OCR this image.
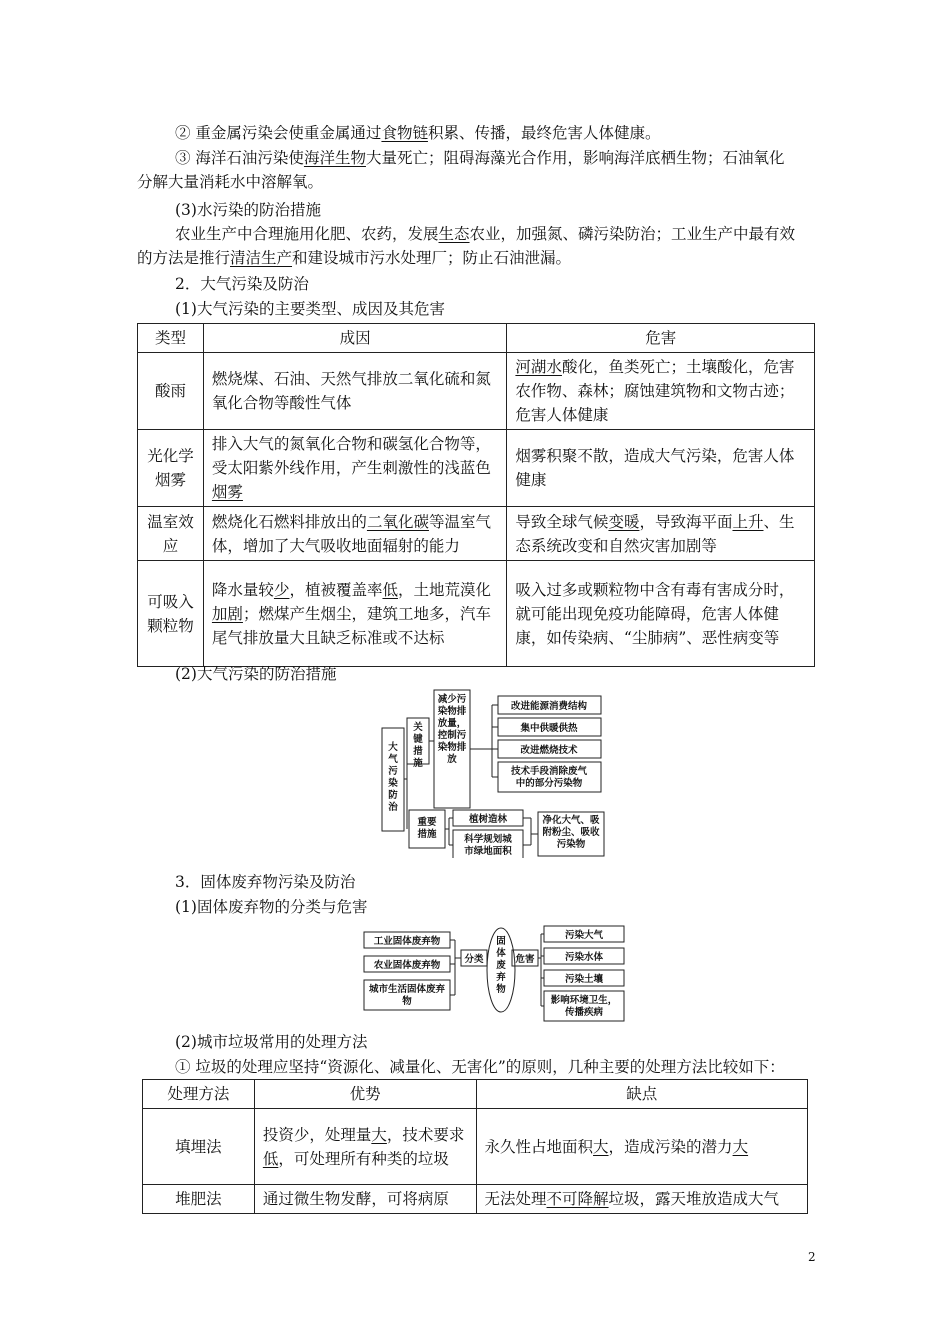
② 重金属污染会使重金属通过食物链积累、传播，最终危害人体健康。
③ 海洋石油污染使海洋生物大量死亡；阻碍海藻光合作用，影响海洋底栖生物；石油氧化
分解大量消耗水中溶解氧。
(3)水污染的防治措施
农业生产中合理施用化肥、农药，发展生态农业，加强氮、磷污染防治；工业生产中最有效
的方法是推行清洁生产和建设城市污水处理厂；防止石油泄漏。
2．大气污染及防治
(1)大气污染的主要类型、成因及其危害
类型	成因	危害
酸雨	燃烧煤、石油、天然气排放二氧化硫和氮氧化合物等酸性气体	河湖水酸化，鱼类死亡；土壤酸化，危害农作物、森林；腐蚀建筑物和文物古迹；危害人体健康
光化学烟雾	排入大气的氮氧化合物和碳氢化合物等，受太阳紫外线作用，产生刺激性的浅蓝色烟雾	烟雾积聚不散，造成大气污染，危害人体健康
温室效应	燃烧化石燃料排放出的二氧化碳等温室气体，增加了大气吸收地面辐射的能力	导致全球气候变暖，导致海平面上升、生态系统改变和自然灾害加剧等
可吸入颗粒物	降水量较少，植被覆盖率低，土地荒漠化加剧；燃煤产生烟尘，建筑工地多，汽车尾气排放量大且缺乏标准或不达标	吸入过多或颗粒物中含有毒有害成分时，就可能出现免疫功能障碍，危害人体健康，如传染病、“尘肺病”、恶性病变等
(2)大气污染的防治措施
大气污染防治
关键措施
减少污染物排放量，控制污染物排放
改进能源消费结构
集中供暖供热
改进燃烧技术
技术手段消除废气中的部分污染物
重要措施
植树造林
科学规划城市绿地面积
净化大气、吸附粉尘、吸收污染物
3．固体废弃物污染及防治
(1)固体废弃物的分类与危害
工业固体废弃物
农业固体废弃物
城市生活固体废弃物
分类
固体废弃物
危害
污染大气
污染水体
污染土壤
影响环境卫生，传播疾病
(2)城市垃圾常用的处理方法
① 垃圾的处理应坚持“资源化、减量化、无害化”的原则，几种主要的处理方法比较如下：
处理方法	优势	缺点
填埋法	投资少，处理量大，技术要求低，可处理所有种类的垃圾	永久性占地面积大，造成污染的潜力大
堆肥法	通过微生物发酵，可将病原	无法处理不可降解垃圾，露天堆放造成大气
2
